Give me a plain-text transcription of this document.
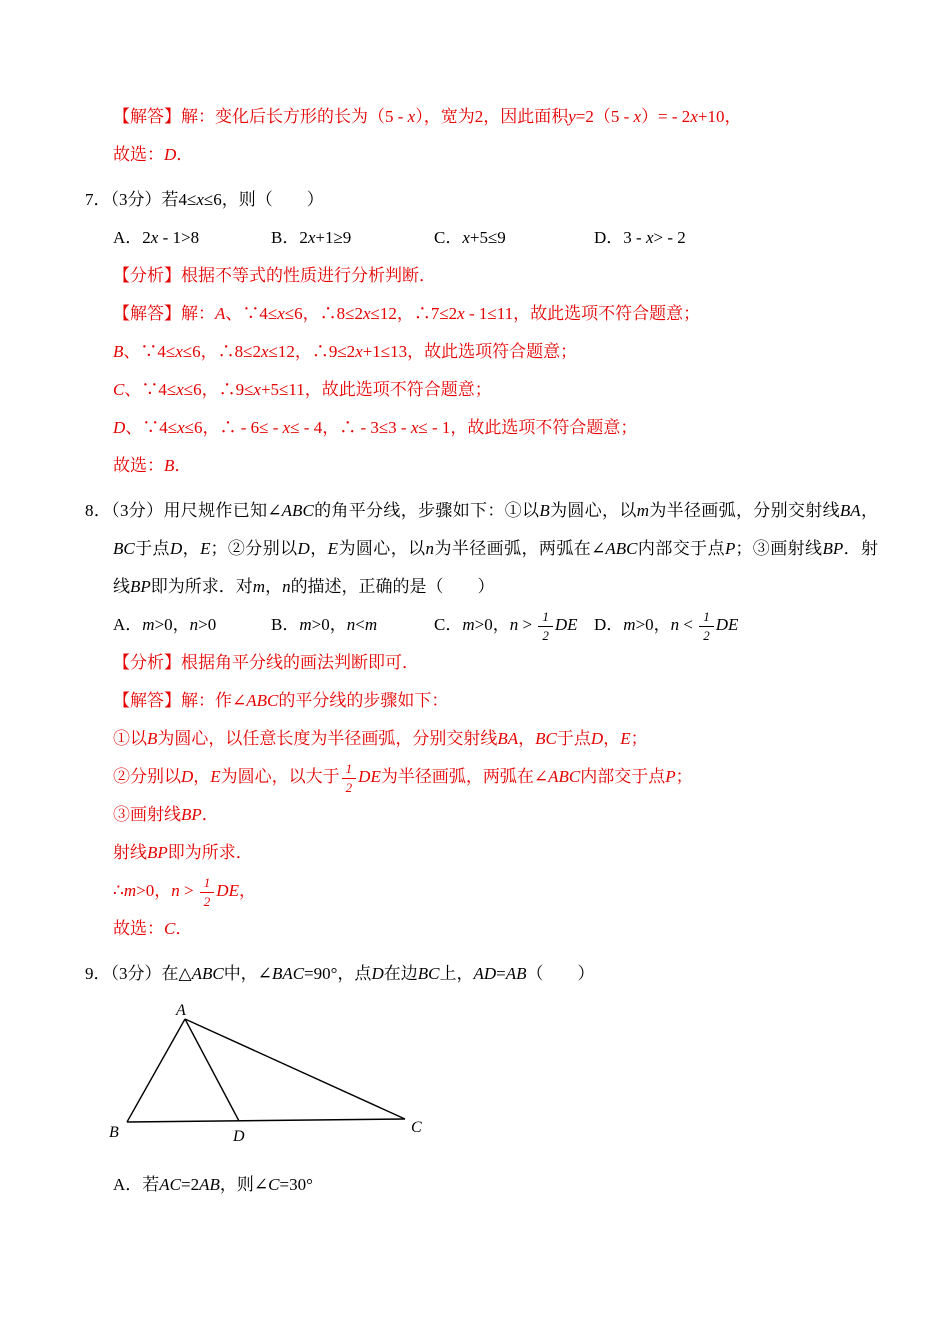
【解答】解：变化后长方形的长为（5 - x），宽为2，因此面积y=2（5 - x）= - 2x+10，
故选：D．
7．（3分）若4≤x≤6，则（　　）
A．2x - 1>8	B．2x+1≥9	C．x+5≤9	D．3 - x> - 2
【分析】根据不等式的性质进行分析判断．
【解答】解：A、∵4≤x≤6，∴8≤2x≤12，∴7≤2x - 1≤11，故此选项不符合题意；
B、∵4≤x≤6，∴8≤2x≤12，∴9≤2x+1≤13，故此选项符合题意；
C、∵4≤x≤6，∴9≤x+5≤11，故此选项不符合题意；
D、∵4≤x≤6，∴ - 6≤ - x≤ - 4，∴ - 3≤3 - x≤ - 1，故此选项不符合题意；
故选：B．
8．（3分）用尺规作已知∠ABC的角平分线，步骤如下：①以B为圆心，以m为半径画弧，分别交射线BA，BC于点D，E；②分别以D，E为圆心，以n为半径画弧，两弧在∠ABC内部交于点P；③画射线BP．射线BP即为所求．对m，n的描述，正确的是（　　）
A．m>0，n>0	B．m>0，n<m	C．m>0，$n > \frac{1}{2}$ DE D．m>0，$n < \frac{1}{2}$ DE
【分析】根据角平分线的画法判断即可．
【解答】解：作∠ABC的平分线的步骤如下：
①以B为圆心，以任意长度为半径画弧，分别交射线BA，BC于点D，E；
②分别以D，E为圆心，以大于 $\frac{1}{2}$ DE为半径画弧，两弧在∠ABC内部交于点P；
③画射线BP．
射线BP即为所求．
∴m>0，$n > \frac{1}{2}$ DE，
故选：C．
9．（3分）在△ABC中，∠BAC=90°，点D在边BC上，AD=AB（　　）
A
B	C
D
A．若AC=2AB，则∠C=30°
